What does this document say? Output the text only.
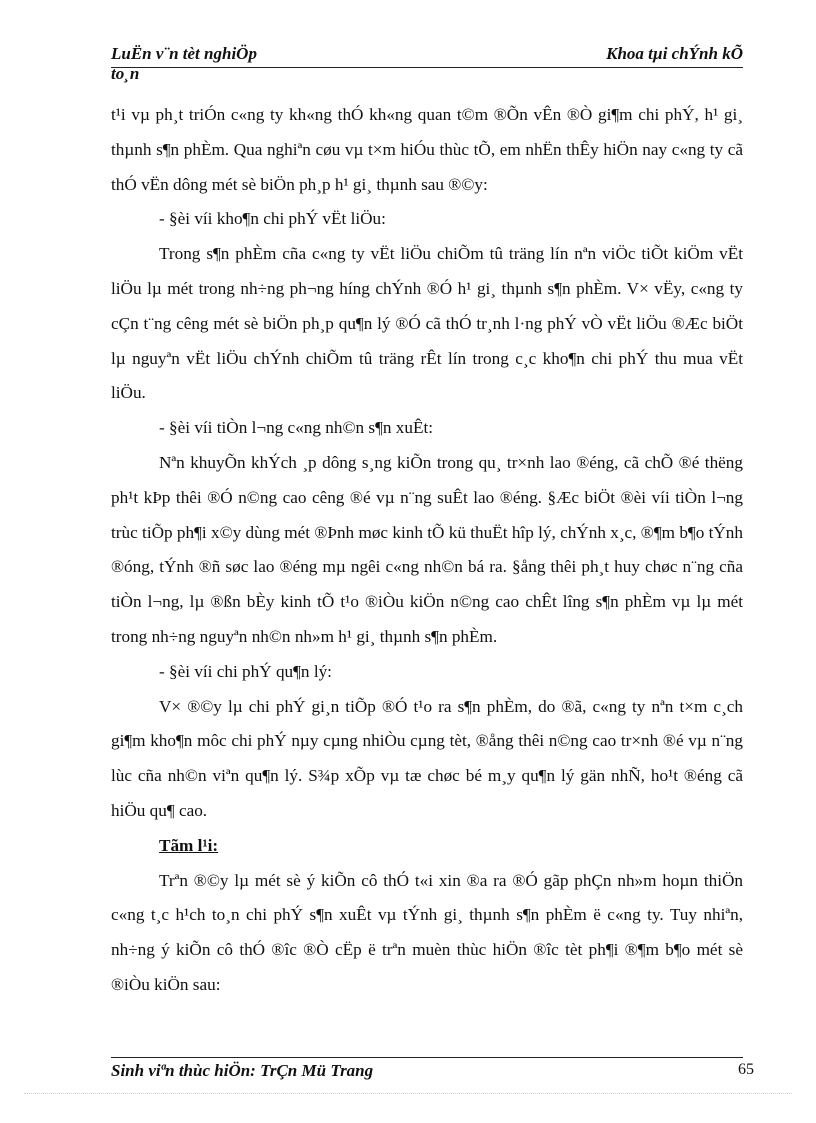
LuËn v¨n tèt nghiÖp	Khoa tµi chÝnh kÕ
to¸n

t¹i vµ ph¸t triÓn c«ng ty kh«ng thÓ kh«ng quan t©m ®Õn vÊn ®Ò gi¶m chi phÝ, h¹ gi¸ thµnh s¶n phÈm. Qua nghiªn cøu vµ t×m hiÓu thùc tÕ, em nhËn thÊy hiÖn nay c«ng ty cã thÓ vËn dông mét sè biÖn ph¸p h¹ gi¸ thµnh sau ®©y:

- §èi víi kho¶n chi phÝ vËt liÖu:

Trong s¶n phÈm cña c«ng ty vËt liÖu chiÕm tû träng lín nªn viÖc tiÕt kiÖm vËt liÖu lµ mét trong nh÷ng ph¬ng híng chÝnh ®Ó h¹ gi¸ thµnh s¶n phÈm. V× vËy, c«ng ty cÇn t¨ng cêng mét sè biÖn ph¸p qu¶n lý ®Ó cã thÓ tr¸nh l·ng phÝ vÒ vËt liÖu ®Æc biÖt lµ nguyªn vËt liÖu chÝnh chiÕm tû träng rÊt lín trong c¸c kho¶n chi phÝ thu mua vËt liÖu.

- §èi víi tiÒn l¬ng c«ng nh©n s¶n xuÊt:

Nªn khuyÕn khÝch ¸p dông s¸ng kiÕn trong qu¸ tr×nh lao ®éng, cã chÕ ®é thëng ph¹t kÞp thêi ®Ó n©ng cao cêng ®é vµ n¨ng suÊt lao ®éng. §Æc biÖt ®èi víi tiÒn l¬ng trùc tiÕp ph¶i x©y dùng mét ®Þnh møc kinh tÕ kü thuËt hîp lý, chÝnh x¸c, ®¶m b¶o tÝnh ®óng, tÝnh ®ñ søc lao ®éng mµ ngêi c«ng nh©n bá ra. §ång thêi ph¸t huy chøc n¨ng cña tiÒn l¬ng, lµ ®ßn bÈy kinh tÕ t¹o ®iÒu kiÖn n©ng cao chÊt lîng s¶n phÈm vµ lµ mét trong nh÷ng nguyªn nh©n nh»m h¹ gi¸ thµnh s¶n phÈm.

- §èi víi chi phÝ qu¶n lý:

V× ®©y lµ chi phÝ gi¸n tiÕp ®Ó t¹o ra s¶n phÈm, do ®ã, c«ng ty nªn t×m c¸ch gi¶m kho¶n môc chi phÝ nµy cµng nhiÒu cµng tèt, ®ång thêi n©ng cao tr×nh ®é vµ n¨ng lùc cña nh©n viªn qu¶n lý. S¾p xÕp vµ tæ chøc bé m¸y qu¶n lý gän nhÑ, ho¹t ®éng cã hiÖu qu¶ cao.

Tãm l¹i:

Trªn ®©y lµ mét sè ý kiÕn cô thÓ t«i xin ®a ra ®Ó gãp phÇn nh»m hoµn thiÖn c«ng t¸c h¹ch to¸n chi phÝ s¶n xuÊt vµ tÝnh gi¸ thµnh s¶n phÈm ë c«ng ty. Tuy nhiªn, nh÷ng ý kiÕn cô thÓ ®îc ®Ò cËp ë trªn muèn thùc hiÖn ®îc tèt ph¶i ®¶m b¶o mét sè ®iÒu kiÖn sau:

Sinh viªn thùc hiÖn: TrÇn Mü Trang	65
